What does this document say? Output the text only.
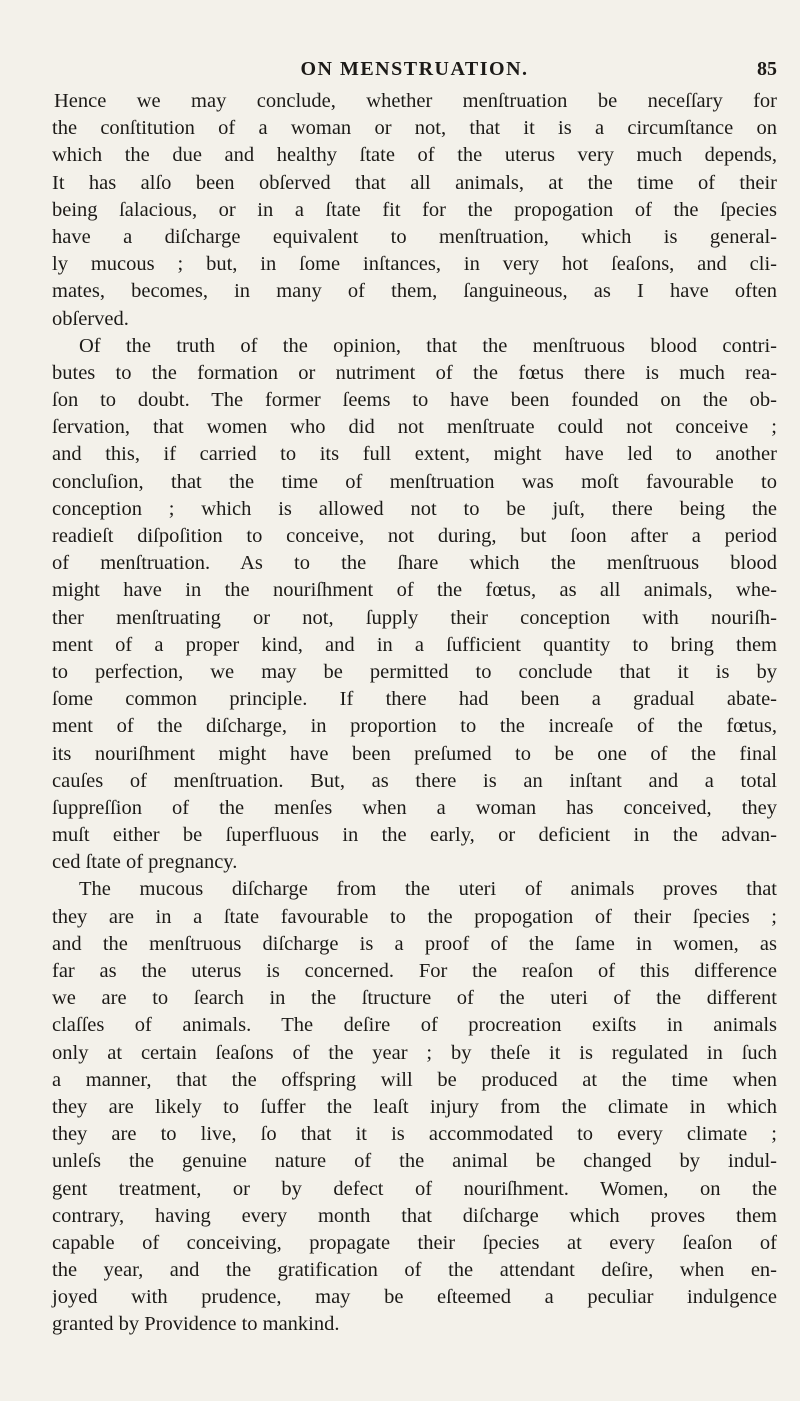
ON MENSTRUATION.	85
Hence we may conclude, whether menſtruation be neceſſary for
the conſtitution of a woman or not, that it is a circumſtance on
which the due and healthy ſtate of the uterus very much depends,
It has alſo been obſerved that all animals, at the time of their
being ſalacious, or in a ſtate fit for the propogation of the ſpecies
have a diſcharge equivalent to menſtruation, which is general-
ly mucous ; but, in ſome inſtances, in very hot ſeaſons, and cli-
mates, becomes, in many of them, ſanguineous, as I have often
obſerved.
Of the truth of the opinion, that the menſtruous blood contri-
butes to the formation or nutriment of the fœtus there is much rea-
ſon to doubt. The former ſeems to have been founded on the ob-
ſervation, that women who did not menſtruate could not conceive ;
and this, if carried to its full extent, might have led to another
concluſion, that the time of menſtruation was moſt favourable to
conception ; which is allowed not to be juſt, there being the
readieſt diſpoſition to conceive, not during, but ſoon after a period
of menſtruation. As to the ſhare which the menſtruous blood
might have in the nouriſhment of the fœtus, as all animals, whe-
ther menſtruating or not, ſupply their conception with nouriſh-
ment of a proper kind, and in a ſufficient quantity to bring them
to perfection, we may be permitted to conclude that it is by
ſome common principle. If there had been a gradual abate-
ment of the diſcharge, in proportion to the increaſe of the fœtus,
its nouriſhment might have been preſumed to be one of the final
cauſes of menſtruation. But, as there is an inſtant and a total
ſuppreſſion of the menſes when a woman has conceived, they
muſt either be ſuperfluous in the early, or deficient in the advan-
ced ſtate of pregnancy.
The mucous diſcharge from the uteri of animals proves that
they are in a ſtate favourable to the propogation of their ſpecies ;
and the menſtruous diſcharge is a proof of the ſame in women, as
far as the uterus is concerned. For the reaſon of this difference
we are to ſearch in the ſtructure of the uteri of the different
claſſes of animals. The deſire of procreation exiſts in animals
only at certain ſeaſons of the year ; by theſe it is regulated in ſuch
a manner, that the offspring will be produced at the time when
they are likely to ſuffer the leaſt injury from the climate in which
they are to live, ſo that it is accommodated to every climate ;
unleſs the genuine nature of the animal be changed by indul-
gent treatment, or by defect of nouriſhment. Women, on the
contrary, having every month that diſcharge which proves them
capable of conceiving, propagate their ſpecies at every ſeaſon of
the year, and the gratification of the attendant deſire, when en-
joyed with prudence, may be eſteemed a peculiar indulgence
granted by Providence to mankind.
